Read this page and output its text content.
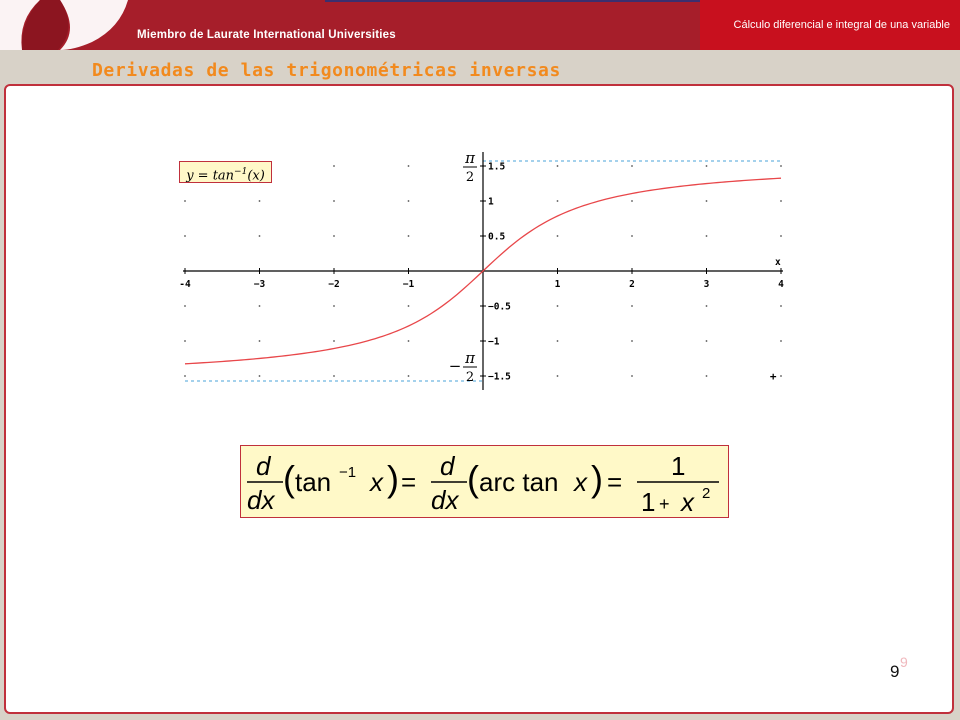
Miembro de Laurate International Universities
Cálculo diferencial e integral de una variable
Derivadas de las trigonométricas inversas
-4	−3	−2	−1	1	2	3	4
1.5
1
0.5
−0.5
−1
−1.5
x
+
π
2
− π
2
$y = \tan^{-1}(x)$
d
dx
( tan −1 x ) =
d
dx
( arc tan x ) =
1
1 + x 2
9
9
